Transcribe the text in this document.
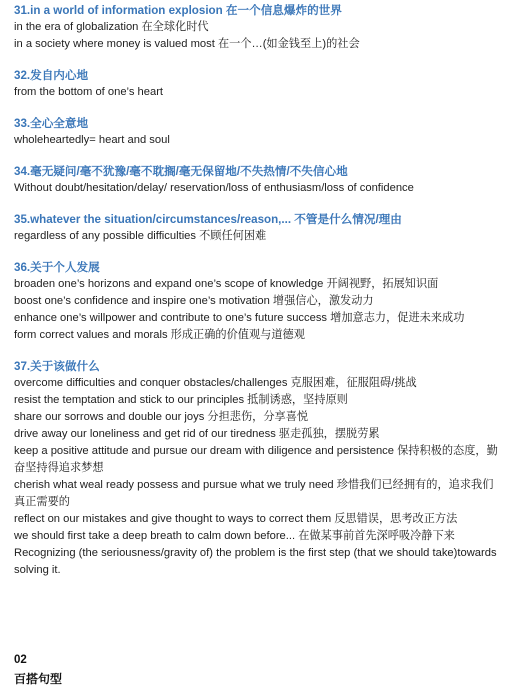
31.in a world of information explosion 在一个信息爆炸的世界
in the era of globalization 在全球化时代
in a society where money is valued most 在一个…(如金钱至上)的社会
32.发自内心地
from the bottom of one’s heart
33.全心全意地
wholeheartedly= heart and soul
34.毫无疑问/毫不犹豫/毫不耽搁/毫无保留地/不失热情/不失信心地
Without doubt/hesitation/delay/ reservation/loss of enthusiasm/loss of confidence
35.whatever the situation/circumstances/reason,... 不管是什么情况/理由
regardless of any possible difficulties 不顾任何困难
36.关于个人发展
broaden one’s horizons and expand one’s scope of knowledge 开阔视野，拓展知识面
boost one’s confidence and inspire one’s motivation 增强信心，激发动力
enhance one’s willpower and contribute to one’s future success 增加意志力，促进未来成功
form correct values and morals 形成正确的价值观与道德观
37.关于该做什么
overcome difficulties and conquer obstacles/challenges 克服困难，征服阻碍/挑战
resist the temptation and stick to our principles 抵制诱惑，坚持原则
share our sorrows and double our joys 分担悲伤，分享喜悦
drive away our loneliness and get rid of our tiredness 驱走孤独，摆脱劳累
keep a positive attitude and pursue our dream with diligence and persistence 保持积极的态度，勤奋坚持得追求梦想
cherish what weal ready possess and pursue what we truly need 珍惜我们已经拥有的，追求我们真正需要的
reflect on our mistakes and give thought to ways to correct them 反思错误，思考改正方法
we should first take a deep breath to calm down before... 在做某事前首先深呼吸冷静下来
Recognizing (the seriousness/gravity of) the problem is the first step (that we should take)towards solving it.
02
百搭句型
